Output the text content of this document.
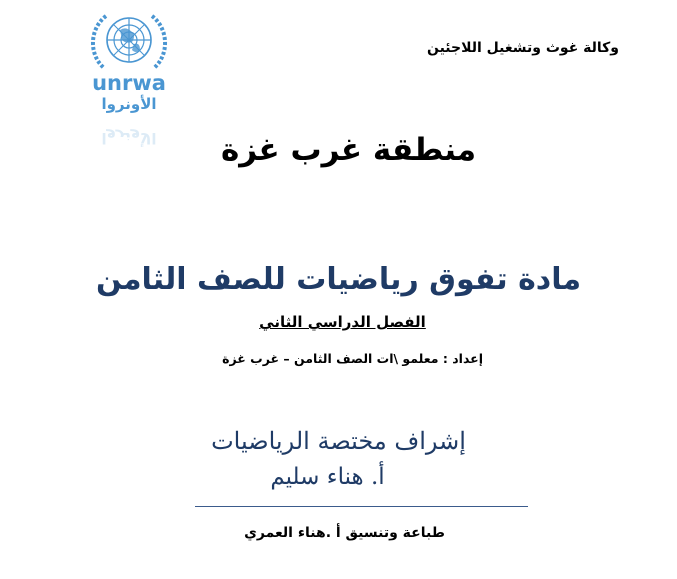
unrwa
الأونروا
الأونروا
وكالة غوث وتشغيل اللاجئين
منطقة غرب غزة
مادة تفوق رياضيات للصف الثامن
الفصل الدراسي الثاني
إعداد : معلمو \ات الصف الثامن – غرب غزة
إشراف مختصة الرياضيات
أ. هناء سليم
طباعة وتنسيق أ .هناء العمري
